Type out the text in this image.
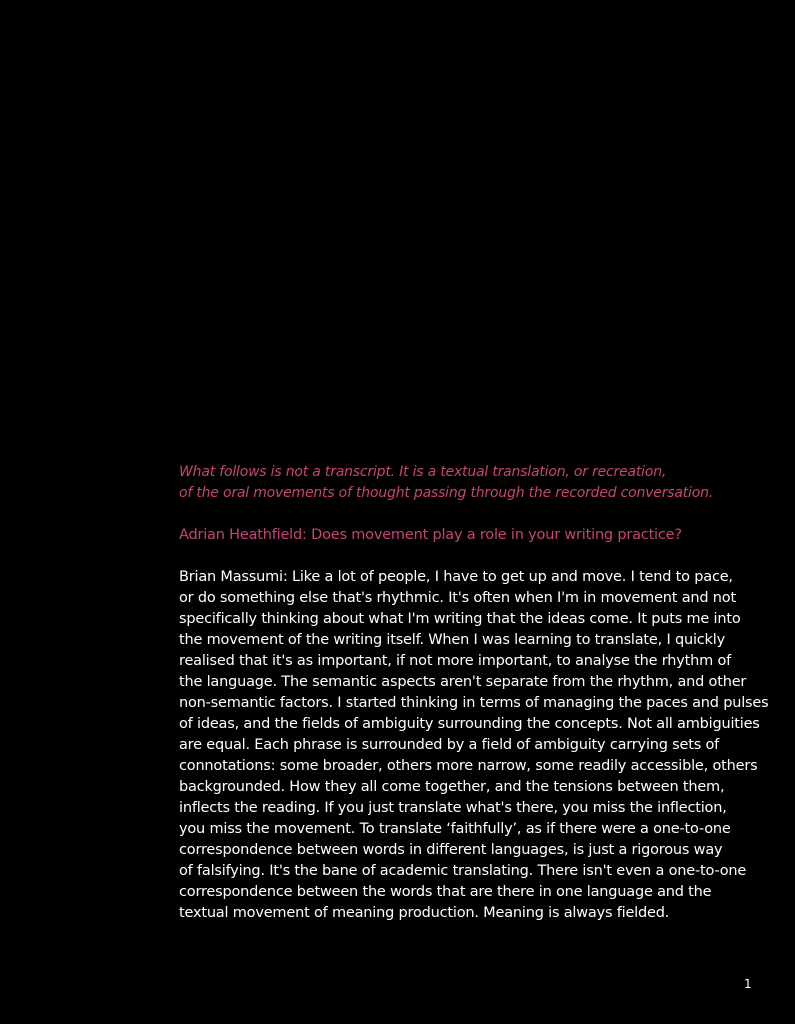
What follows is not a transcript. It is a textual translation, or recreation,
of the oral movements of thought passing through the recorded conversation.

Adrian Heathfield: Does movement play a role in your writing practice?

Brian Massumi: Like a lot of people, I have to get up and move. I tend to pace,
or do something else that's rhythmic. It's often when I'm in movement and not
specifically thinking about what I'm writing that the ideas come. It puts me into
the movement of the writing itself. When I was learning to translate, I quickly
realised that it's as important, if not more important, to analyse the rhythm of
the language. The semantic aspects aren't separate from the rhythm, and other
non-semantic factors. I started thinking in terms of managing the paces and pulses
of ideas, and the fields of ambiguity surrounding the concepts. Not all ambiguities
are equal. Each phrase is surrounded by a field of ambiguity carrying sets of
connotations: some broader, others more narrow, some readily accessible, others
backgrounded. How they all come together, and the tensions between them,
inflects the reading. If you just translate what's there, you miss the inflection,
you miss the movement. To translate ‘faithfully’, as if there were a one-to-one
correspondence between words in different languages, is just a rigorous way
of falsifying. It's the bane of academic translating. There isn't even a one-to-one
correspondence between the words that are there in one language and the
textual movement of meaning production. Meaning is always fielded.

1
